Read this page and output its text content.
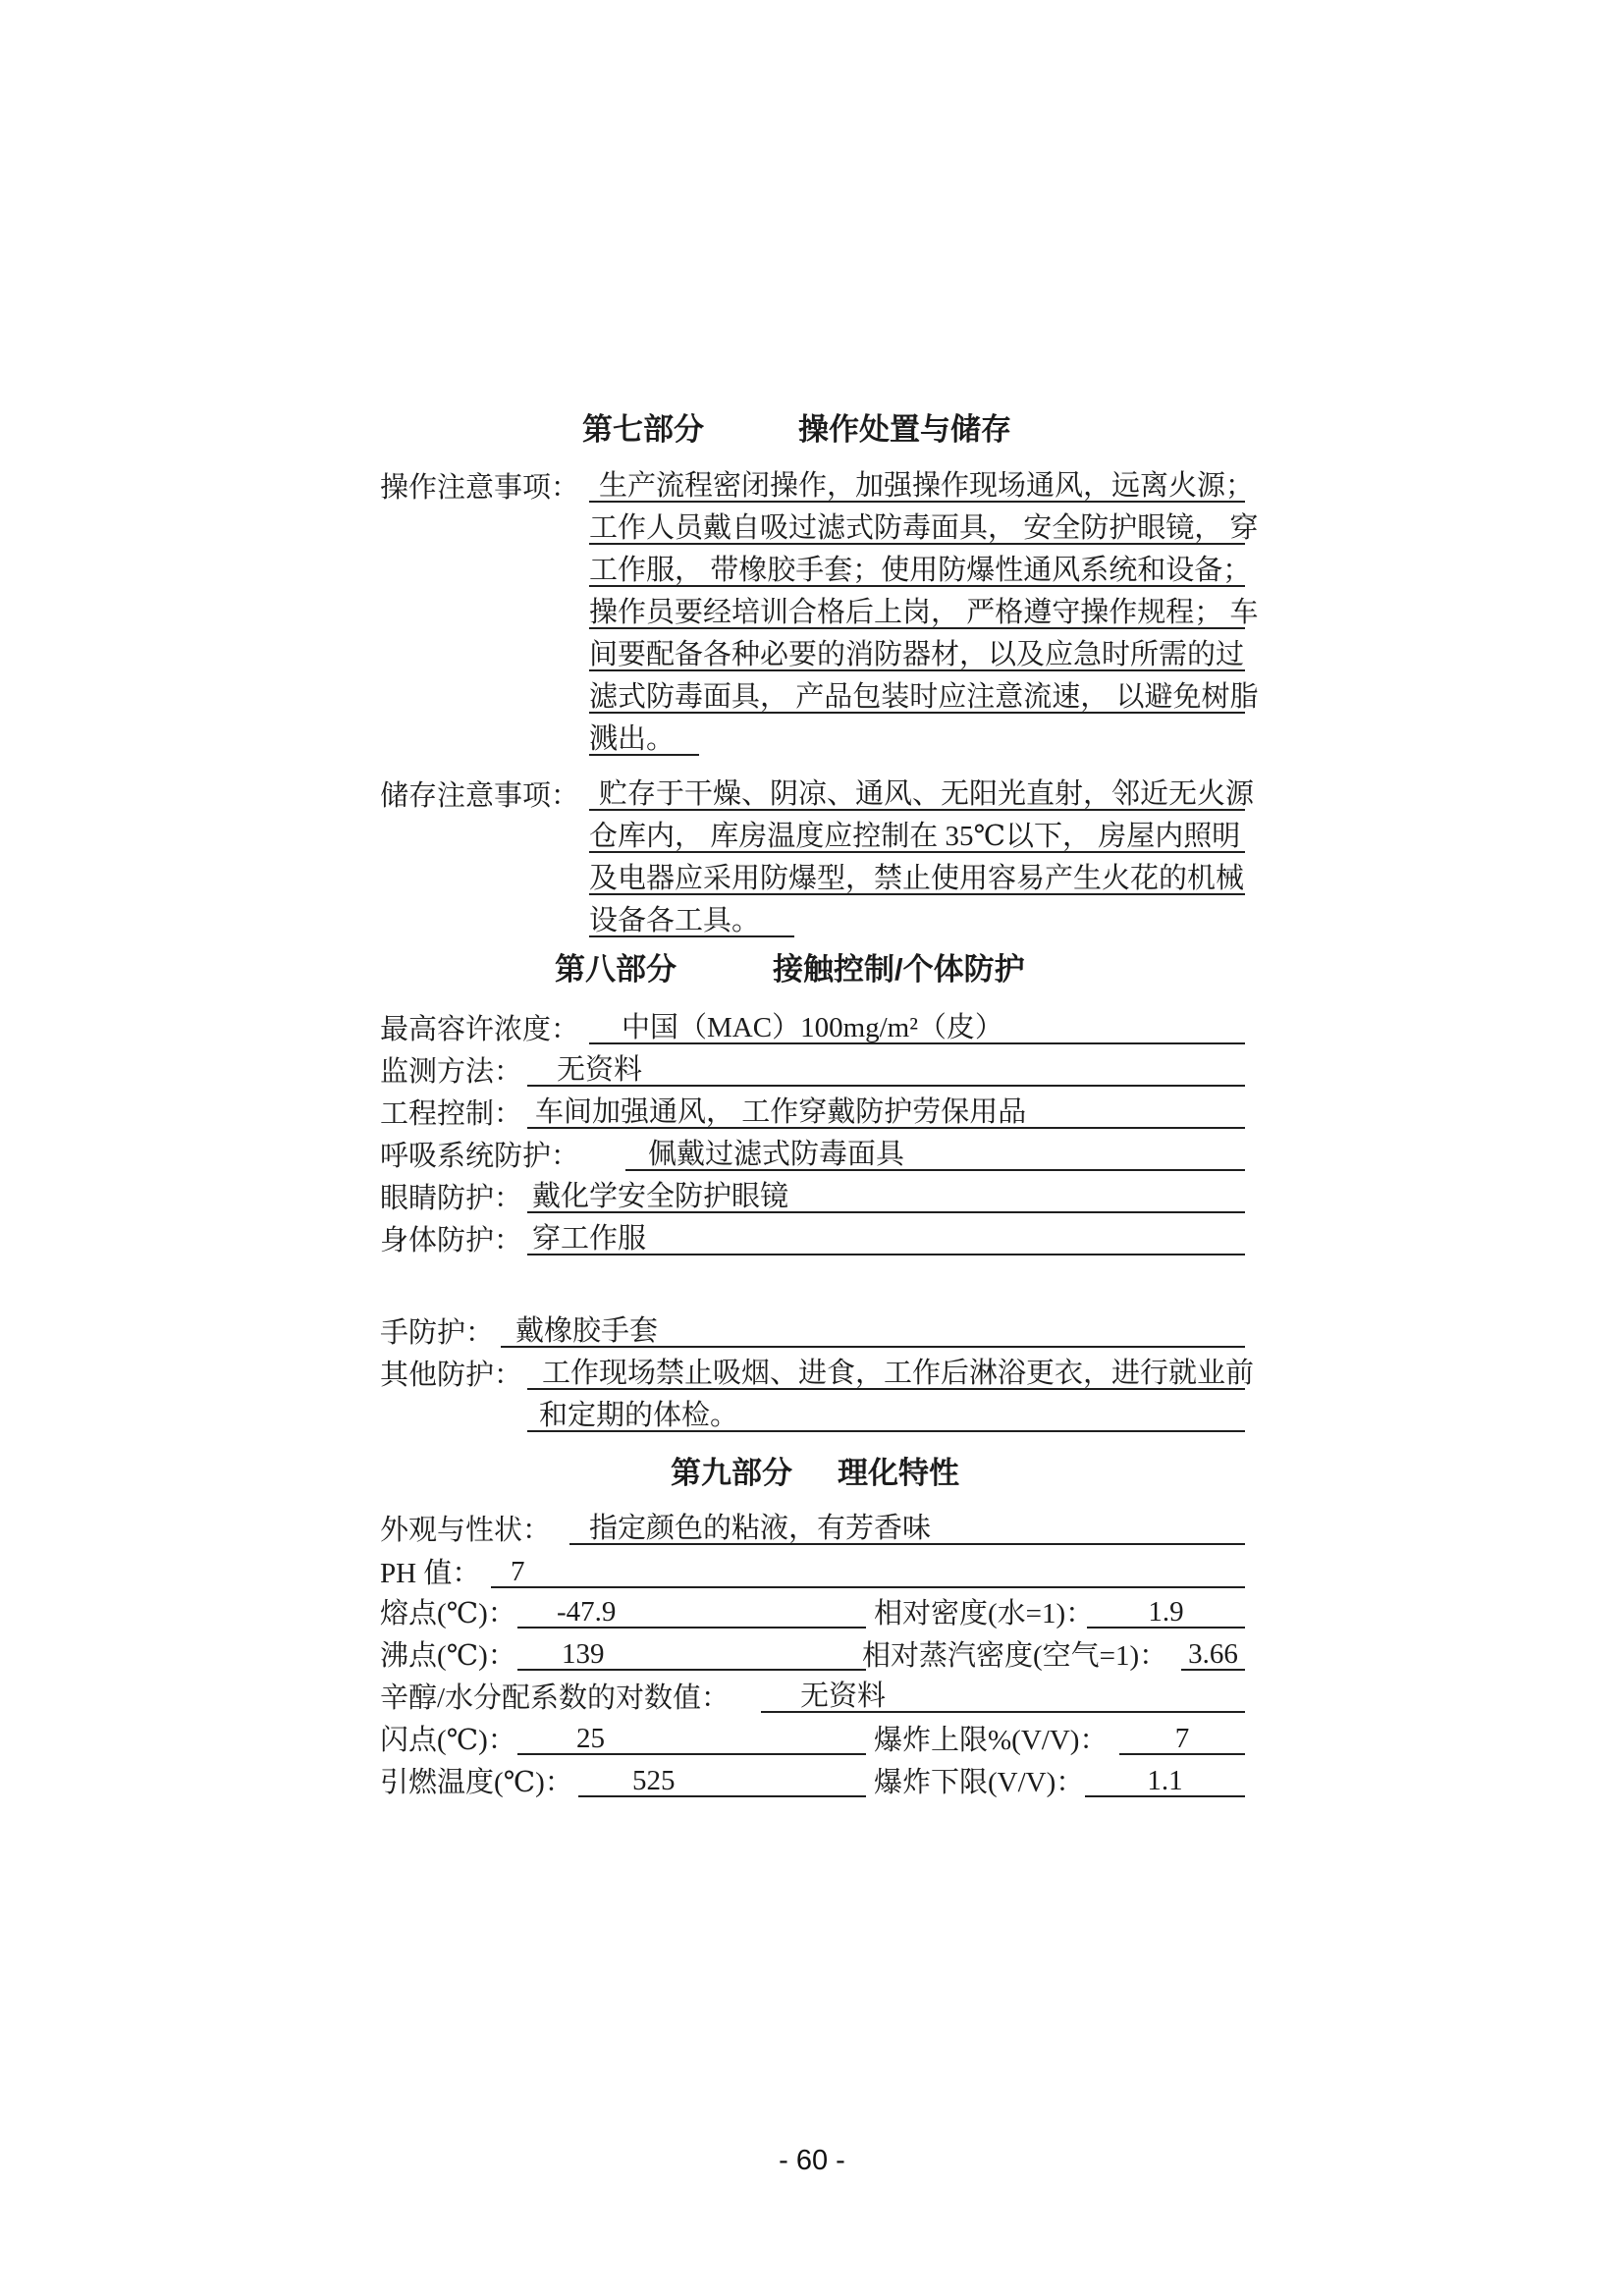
第七部分	操作处置与储存
操作注意事项： 生产流程密闭操作，加强操作现场通风，远离火源；
工作人员戴自吸过滤式防毒面具， 安全防护眼镜， 穿
工作服， 带橡胶手套；使用防爆性通风系统和设备；
操作员要经培训合格后上岗， 严格遵守操作规程； 车
间要配备各种必要的消防器材，以及应急时所需的过
滤式防毒面具， 产品包装时应注意流速， 以避免树脂
溅出。
储存注意事项： 贮存于干燥、阴凉、通风、无阳光直射，邻近无火源
仓库内， 库房温度应控制在 35℃以下， 房屋内照明
及电器应采用防爆型，禁止使用容易产生火花的机械
设备各工具。
第八部分	接触控制/个体防护
最高容许浓度：	中国（MAC）100mg/m²（皮）
监测方法：	无资料
工程控制： 车间加强通风， 工作穿戴防护劳保用品
呼吸系统防护：	佩戴过滤式防毒面具
眼睛防护： 戴化学安全防护眼镜
身体防护： 穿工作服
手防护： 戴橡胶手套
其他防护： 工作现场禁止吸烟、进食，工作后淋浴更衣，进行就业前
和定期的体检。
第九部分 理化特性
外观与性状：	指定颜色的粘液，有芳香味
PH 值：	7
熔点(℃)：	-47.9	相对密度(水=1)：	1.9
沸点(℃)：	139	相对蒸汽密度(空气=1)： 3.66
辛醇/水分配系数的对数值：	无资料
闪点(℃)：	25	爆炸上限%(V/V)：	7
引燃温度(℃)：	525	爆炸下限(V/V)：	1.1
- 60 -
